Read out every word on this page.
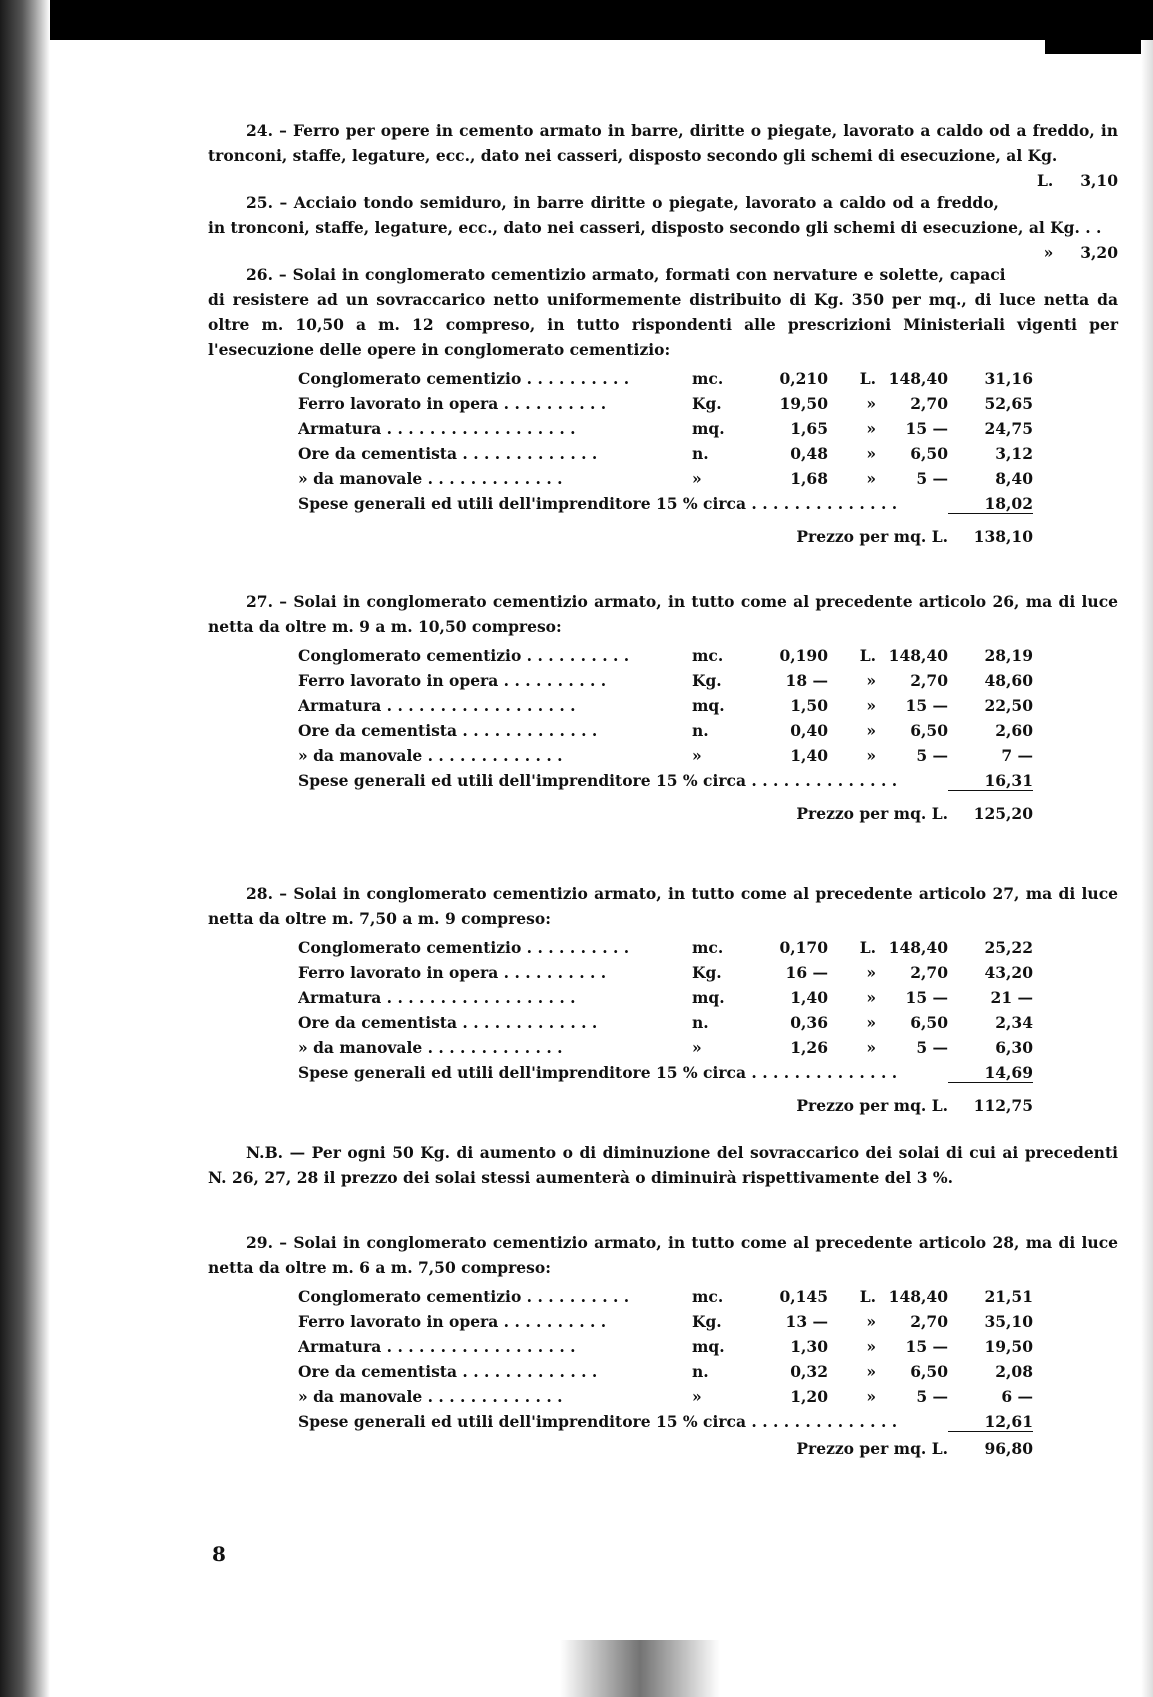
24. – Ferro per opere in cemento armato in barre, diritte o piegate, lavorato a caldo od a freddo, in tronconi, staffe, legature, ecc., dato nei casseri, disposto secondo gli schemi di esecuzione, al Kg.
L. 3,10

25. – Acciaio tondo semiduro, in barre diritte o piegate, lavorato a caldo od a freddo, in tronconi, staffe, legature, ecc., dato nei casseri, disposto secondo gli schemi di esecuzione, al Kg. . .
» 3,20

26. – Solai in conglomerato cementizio armato, formati con nervature e solette, capaci di resistere ad un sovraccarico netto uniformemente distribuito di Kg. 350 per mq., di luce netta da oltre m. 10,50 a m. 12 compreso, in tutto rispondenti alle prescrizioni Ministeriali vigenti per l'esecuzione delle opere in conglomerato cementizio:

Conglomerato cementizio . . . . . . . . . .	mc.	0,210	L. 148,40	31,16
Ferro lavorato in opera . . . . . . . . . .	Kg.	19,50	»	2,70	52,65
Armatura . . . . . . . . . . . . . . . . . .	mq.	1,65	»	15 —	24,75
Ore da cementista . . . . . . . . . . . . .	n.	0,48	»	6,50	3,12
» da manovale . . . . . . . . . . . . .	»	1,68	»	5 —	8,40
Spese generali ed utili dell'imprenditore 15 % circa . . . . . . . . . . . . . .	18,02
Prezzo per mq. L. 138,10

27. – Solai in conglomerato cementizio armato, in tutto come al precedente articolo 26, ma di luce netta da oltre m. 9 a m. 10,50 compreso:

Conglomerato cementizio . . . . . . . . . .	mc.	0,190	L. 148,40	28,19
Ferro lavorato in opera . . . . . . . . . .	Kg.	18 —	»	2,70	48,60
Armatura . . . . . . . . . . . . . . . . . .	mq.	1,50	»	15 —	22,50
Ore da cementista . . . . . . . . . . . . .	n.	0,40	»	6,50	2,60
» da manovale . . . . . . . . . . . . .	»	1,40	»	5 —	7 —
Spese generali ed utili dell'imprenditore 15 % circa . . . . . . . . . . . . . .	16,31
Prezzo per mq. L. 125,20

28. – Solai in conglomerato cementizio armato, in tutto come al precedente articolo 27, ma di luce netta da oltre m. 7,50 a m. 9 compreso:

Conglomerato cementizio . . . . . . . . . .	mc.	0,170	L. 148,40	25,22
Ferro lavorato in opera . . . . . . . . . .	Kg.	16 —	»	2,70	43,20
Armatura . . . . . . . . . . . . . . . . . .	mq.	1,40	»	15 —	21 —
Ore da cementista . . . . . . . . . . . . .	n.	0,36	»	6,50	2,34
» da manovale . . . . . . . . . . . . .	»	1,26	»	5 —	6,30
Spese generali ed utili dell'imprenditore 15 % circa . . . . . . . . . . . . . .	14,69
Prezzo per mq. L. 112,75

N.B. — Per ogni 50 Kg. di aumento o di diminuzione del sovraccarico dei solai di cui ai precedenti N. 26, 27, 28 il prezzo dei solai stessi aumenterà o diminuirà rispettivamente del 3 %.

29. – Solai in conglomerato cementizio armato, in tutto come al precedente articolo 28, ma di luce netta da oltre m. 6 a m. 7,50 compreso:

Conglomerato cementizio . . . . . . . . . .	mc.	0,145	L. 148,40	21,51
Ferro lavorato in opera . . . . . . . . . .	Kg.	13 —	»	2,70	35,10
Armatura . . . . . . . . . . . . . . . . . .	mq.	1,30	»	15 —	19,50
Ore da cementista . . . . . . . . . . . . .	n.	0,32	»	6,50	2,08
» da manovale . . . . . . . . . . . . .	»	1,20	»	5 —	6 —
Spese generali ed utili dell'imprenditore 15 % circa . . . . . . . . . . . . . .	12,61
Prezzo per mq. L. 96,80
8
